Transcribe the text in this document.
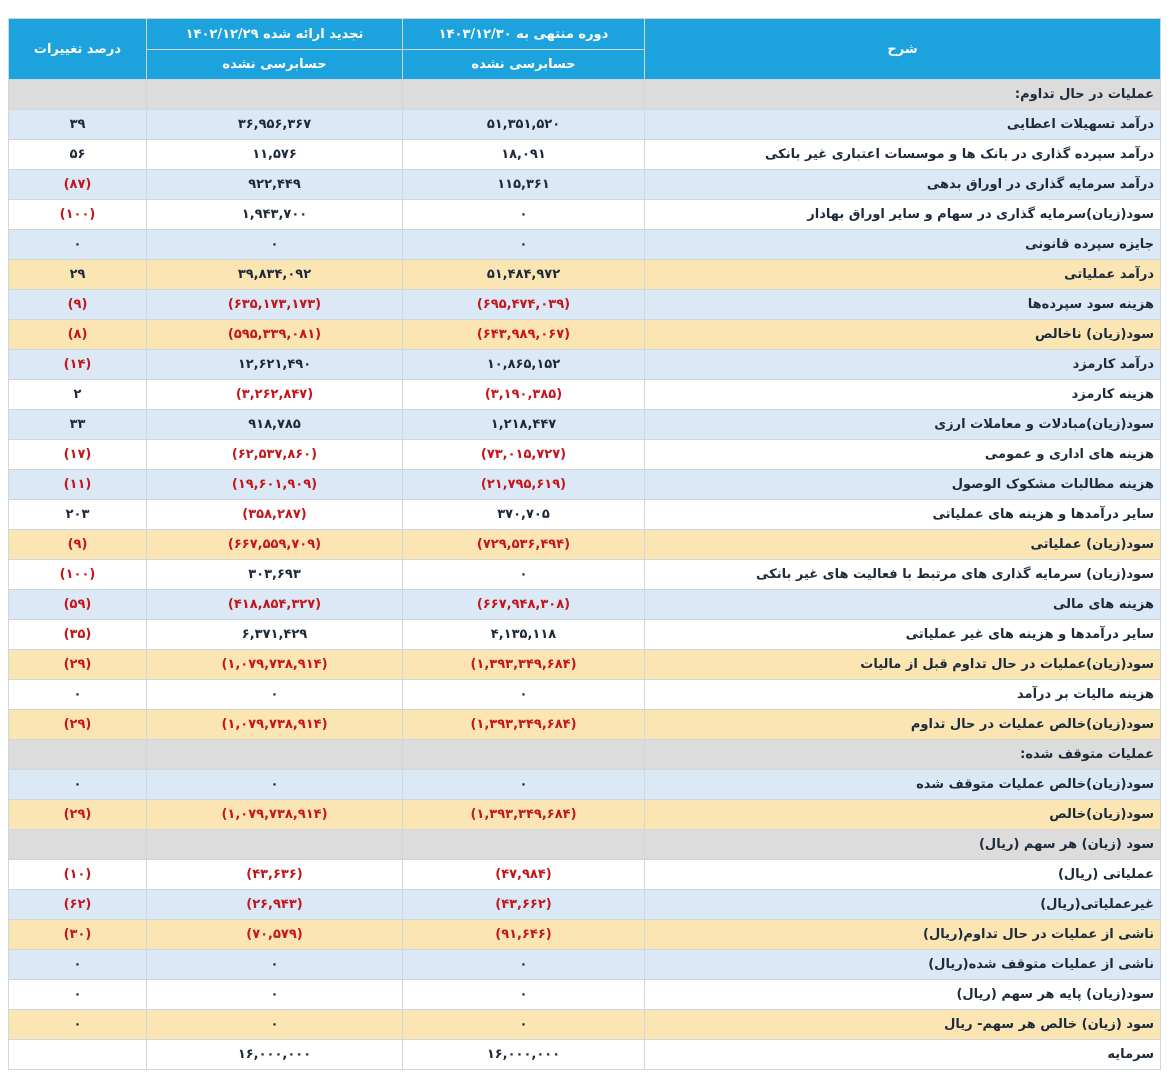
شرح	دوره منتهی به ۱۴۰۳/۱۲/۳۰	تجدید ارائه شده ۱۴۰۲/۱۲/۲۹	درصد تغییرات
	حسابرسی نشده	حسابرسی نشده	
عملیات در حال تداوم:			
درآمد تسهیلات اعطایی	۵۱,۳۵۱,۵۲۰	۳۶,۹۵۶,۳۶۷	۳۹
درآمد سپرده گذاری در بانک ها و موسسات اعتباری غیر بانکی	۱۸,۰۹۱	۱۱,۵۷۶	۵۶
درآمد سرمایه گذاری در اوراق بدهی	۱۱۵,۳۶۱	۹۲۲,۴۴۹	(۸۷)
سود(زیان)سرمایه گذاری در سهام و سایر اوراق بهادار	۰	۱,۹۴۳,۷۰۰	(۱۰۰)
جایزه سپرده قانونی	۰	۰	۰
درآمد عملیاتی	۵۱,۴۸۴,۹۷۲	۳۹,۸۳۴,۰۹۲	۲۹
هزینه سود سپرده‌ها	(۶۹۵,۴۷۴,۰۳۹)	(۶۳۵,۱۷۳,۱۷۳)	(۹)
سود(زیان) ناخالص	(۶۴۳,۹۸۹,۰۶۷)	(۵۹۵,۳۳۹,۰۸۱)	(۸)
درآمد کارمزد	۱۰,۸۶۵,۱۵۲	۱۲,۶۲۱,۴۹۰	(۱۴)
هزینه کارمزد	(۳,۱۹۰,۳۸۵)	(۳,۲۶۲,۸۴۷)	۲
سود(زیان)مبادلات و معاملات ارزی	۱,۲۱۸,۴۴۷	۹۱۸,۷۸۵	۳۳
هزینه های اداری و عمومی	(۷۳,۰۱۵,۷۲۷)	(۶۲,۵۳۷,۸۶۰)	(۱۷)
هزینه مطالبات مشکوک الوصول	(۲۱,۷۹۵,۶۱۹)	(۱۹,۶۰۱,۹۰۹)	(۱۱)
سایر درآمدها و هزینه های عملیاتی	۳۷۰,۷۰۵	(۳۵۸,۲۸۷)	۲۰۳
سود(زیان) عملیاتی	(۷۲۹,۵۳۶,۴۹۴)	(۶۶۷,۵۵۹,۷۰۹)	(۹)
سود(زیان) سرمایه گذاری های مرتبط با فعالیت های غیر بانکی	۰	۳۰۳,۶۹۳	(۱۰۰)
هزینه های مالی	(۶۶۷,۹۴۸,۳۰۸)	(۴۱۸,۸۵۴,۳۲۷)	(۵۹)
سایر درآمدها و هزینه های غیر عملیاتی	۴,۱۳۵,۱۱۸	۶,۳۷۱,۴۲۹	(۳۵)
سود(زیان)عملیات در حال تداوم قبل از مالیات	(۱,۳۹۳,۳۴۹,۶۸۴)	(۱,۰۷۹,۷۳۸,۹۱۴)	(۲۹)
هزینه مالیات بر درآمد	۰	۰	۰
سود(زیان)خالص عملیات در حال تداوم	(۱,۳۹۳,۳۴۹,۶۸۴)	(۱,۰۷۹,۷۳۸,۹۱۴)	(۲۹)
عملیات متوقف شده:			
سود(زیان)خالص عملیات متوقف شده	۰	۰	۰
سود(زیان)خالص	(۱,۳۹۳,۳۴۹,۶۸۴)	(۱,۰۷۹,۷۳۸,۹۱۴)	(۲۹)
سود (زیان) هر سهم (ریال)			
عملیاتی (ریال)	(۴۷,۹۸۴)	(۴۳,۶۳۶)	(۱۰)
غیرعملیاتی(ریال)	(۴۳,۶۶۲)	(۲۶,۹۴۳)	(۶۲)
ناشی از عملیات در حال تداوم(ریال)	(۹۱,۶۴۶)	(۷۰,۵۷۹)	(۳۰)
ناشی از عملیات متوقف شده(ریال)	۰	۰	۰
سود(زیان) پایه هر سهم (ریال)	۰	۰	۰
سود (زیان) خالص هر سهم- ریال	۰	۰	۰
سرمایه	۱۶,۰۰۰,۰۰۰	۱۶,۰۰۰,۰۰۰	
